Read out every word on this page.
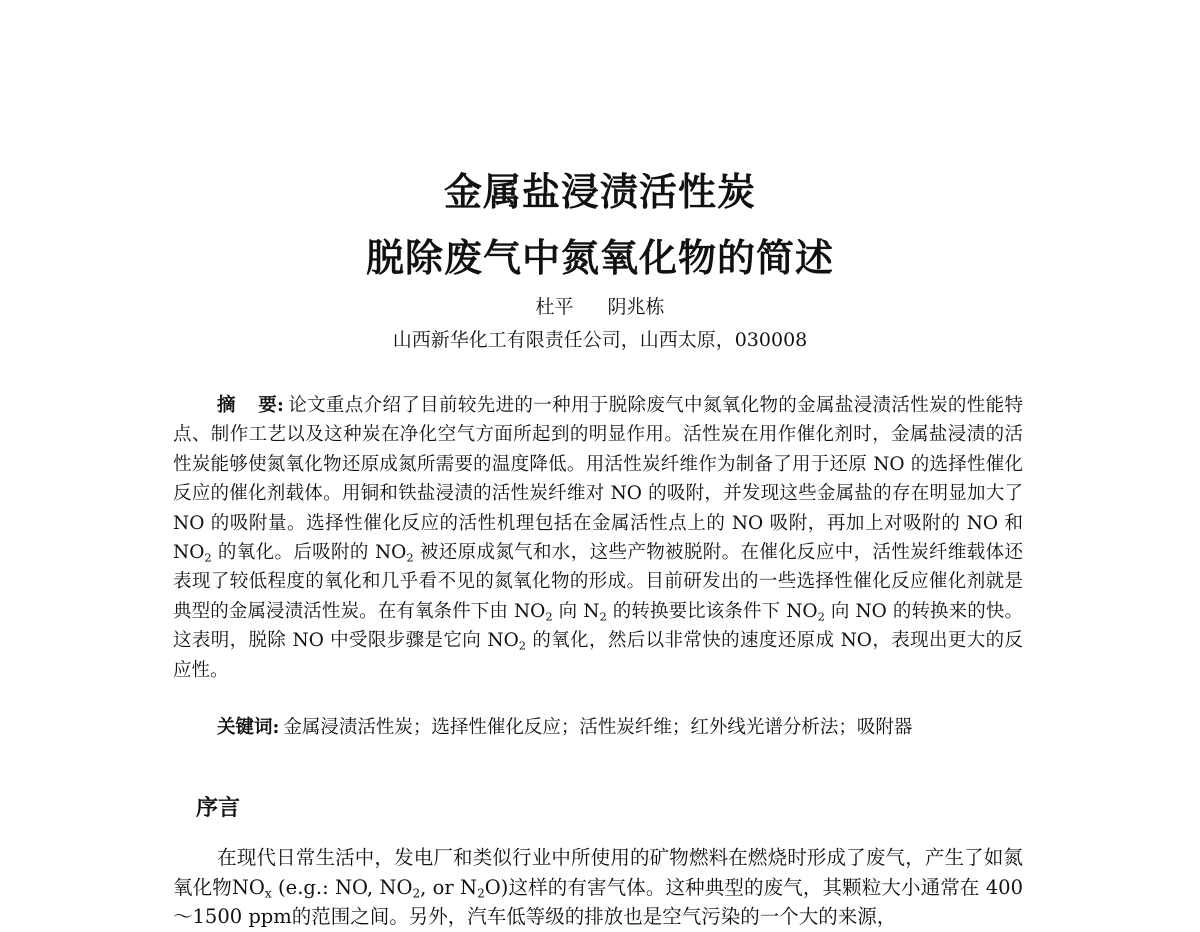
金属盐浸渍活性炭
脱除废气中氮氧化物的简述
杜平 阴兆栋
山西新华化工有限责任公司，山西太原，030008
摘 要: 论文重点介绍了目前较先进的一种用于脱除废气中氮氧化物的金属盐浸渍活性炭的性能特点、制作工艺以及这种炭在净化空气方面所起到的明显作用。活性炭在用作催化剂时，金属盐浸渍的活性炭能够使氮氧化物还原成氮所需要的温度降低。用活性炭纤维作为制备了用于还原 NO 的选择性催化反应的催化剂载体。用铜和铁盐浸渍的活性炭纤维对 NO 的吸附，并发现这些金属盐的存在明显加大了 NO 的吸附量。选择性催化反应的活性机理包括在金属活性点上的 NO 吸附，再加上对吸附的 NO 和 $NO_2$ 的氧化。后吸附的 $NO_2$ 被还原成氮气和水，这些产物被脱附。在催化反应中，活性炭纤维载体还表现了较低程度的氧化和几乎看不见的氮氧化物的形成。目前研发出的一些选择性催化反应催化剂就是典型的金属浸渍活性炭。在有氧条件下由 $NO_2$ 向 $N_2$ 的转换要比该条件下 $NO_2$ 向 NO 的转换来的快。这表明，脱除 NO 中受限步骤是它向 $NO_2$ 的氧化，然后以非常快的速度还原成 NO，表现出更大的反应性。
关键词: 金属浸渍活性炭；选择性催化反应；活性炭纤维；红外线光谱分析法；吸附器
序言
在现代日常生活中，发电厂和类似行业中所使用的矿物燃料在燃烧时形成了废气，产生了如氮氧化物$NO_x$ (e.g.: NO, $NO_2$, or $N_2O$)这样的有害气体。这种典型的废气，其颗粒大小通常在 400～1500 ppm的范围之间。另外，汽车低等级的排放也是空气污染的一个大的来源，
